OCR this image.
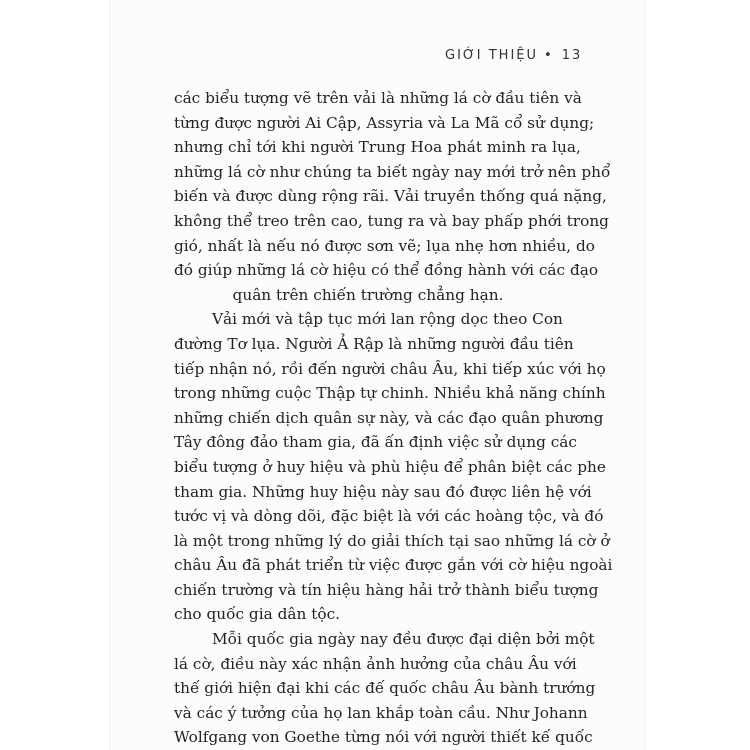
GIỚI THIỆU • 13

các biểu tượng vẽ trên vải là những lá cờ đầu tiên và
từng được người Ai Cập, Assyria và La Mã cổ sử dụng;
nhưng chỉ tới khi người Trung Hoa phát minh ra lụa,
những lá cờ như chúng ta biết ngày nay mới trở nên phổ
biến và được dùng rộng rãi. Vải truyền thống quá nặng,
không thể treo trên cao, tung ra và bay phấp phới trong
gió, nhất là nếu nó được sơn vẽ; lụa nhẹ hơn nhiều, do
đó giúp những lá cờ hiệu có thể đồng hành với các đạo
quân trên chiến trường chẳng hạn.

Vải mới và tập tục mới lan rộng dọc theo Con
đường Tơ lụa. Người Ả Rập là những người đầu tiên
tiếp nhận nó, rồi đến người châu Âu, khi tiếp xúc với họ
trong những cuộc Thập tự chinh. Nhiều khả năng chính
những chiến dịch quân sự này, và các đạo quân phương
Tây đông đảo tham gia, đã ấn định việc sử dụng các
biểu tượng ở huy hiệu và phù hiệu để phân biệt các phe
tham gia. Những huy hiệu này sau đó được liên hệ với
tước vị và dòng dõi, đặc biệt là với các hoàng tộc, và đó
là một trong những lý do giải thích tại sao những lá cờ ở
châu Âu đã phát triển từ việc được gắn với cờ hiệu ngoài
chiến trường và tín hiệu hàng hải trở thành biểu tượng
cho quốc gia dân tộc.

Mỗi quốc gia ngày nay đều được đại diện bởi một
lá cờ, điều này xác nhận ảnh hưởng của châu Âu với
thế giới hiện đại khi các đế quốc châu Âu bành trướng
và các ý tưởng của họ lan khắp toàn cầu. Như Johann
Wolfgang von Goethe từng nói với người thiết kế quốc
